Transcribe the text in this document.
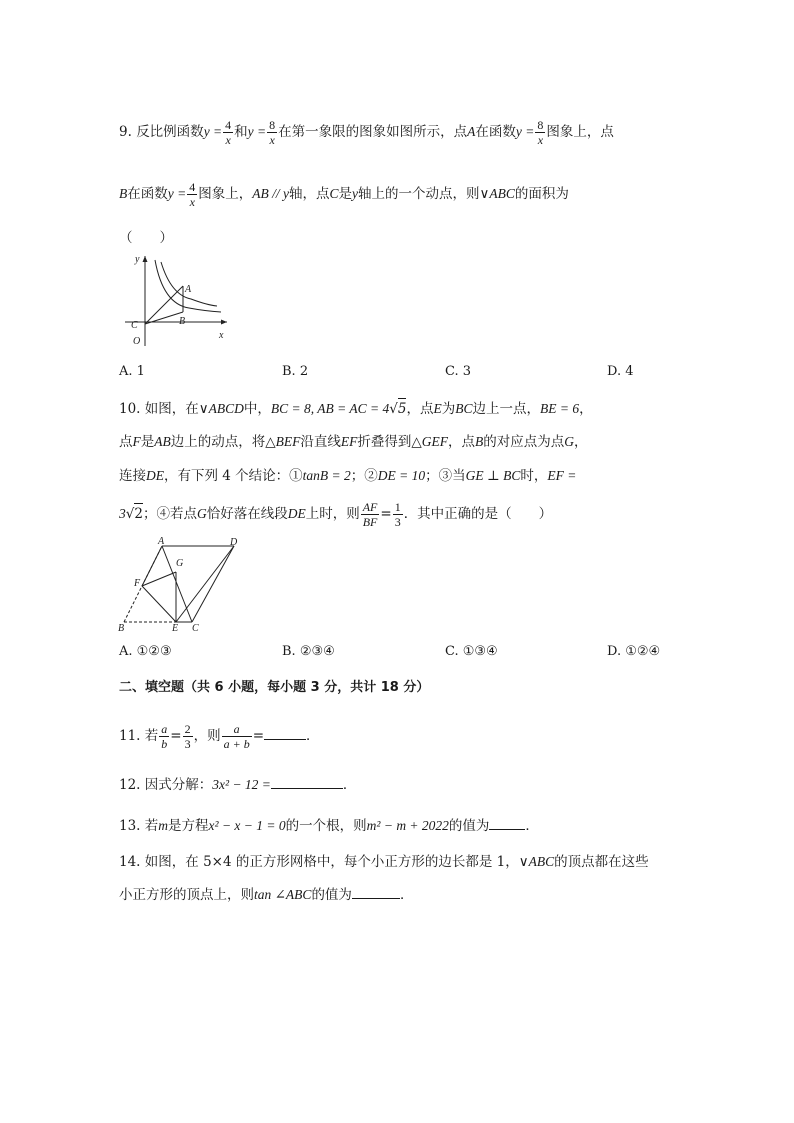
9. 反比例函数$y = \frac{4}{x}$ 和$y = \frac{8}{x}$ 在第一象限的图象如图所示，点A在函数$y = \frac{8}{x}$ 图象上，点
B在函数$y = \frac{4}{x}$ 图象上，AB // y轴，点C是y轴上的一个动点，则∨ABC的面积为
（　　）
y
x
A
B
C
O
A. 1	B. 2	C. 3	D. 4
10. 如图，在∨ABCD中，BC = 8, AB = AC = 4√5，点E为BC边上一点，BE = 6，
点F是AB边上的动点，将△BEF沿直线EF折叠得到△GEF，点B的对应点为点G，
连接DE，有下列 4 个结论：①tanB = 2；②DE = 10；③当GE ⊥ BC时，EF =
3√2；④若点G恰好落在线段DE上时，则 $\frac{AF}{BF} = \frac{1}{3}$ ．其中正确的是（　　）
A	D
G
F
B	E C
A. ①②③	B. ②③④	C. ①③④	D. ①②④
二、填空题（共 6 小题，每小题 3 分，共计 18 分）
11. 若 $\frac{a}{b} = \frac{2}{3}$ ，则 $\frac{a}{a + b}$ =	．
12. 因式分解：3x² − 12 =	．
13. 若m是方程x² − x − 1 = 0的一个根，则m² − m + 2022的值为	．
14. 如图，在 5×4 的正方形网格中，每个小正方形的边长都是 1，∨ABC的顶点都在这些
小正方形的顶点上，则tan ∠ABC的值为	．
